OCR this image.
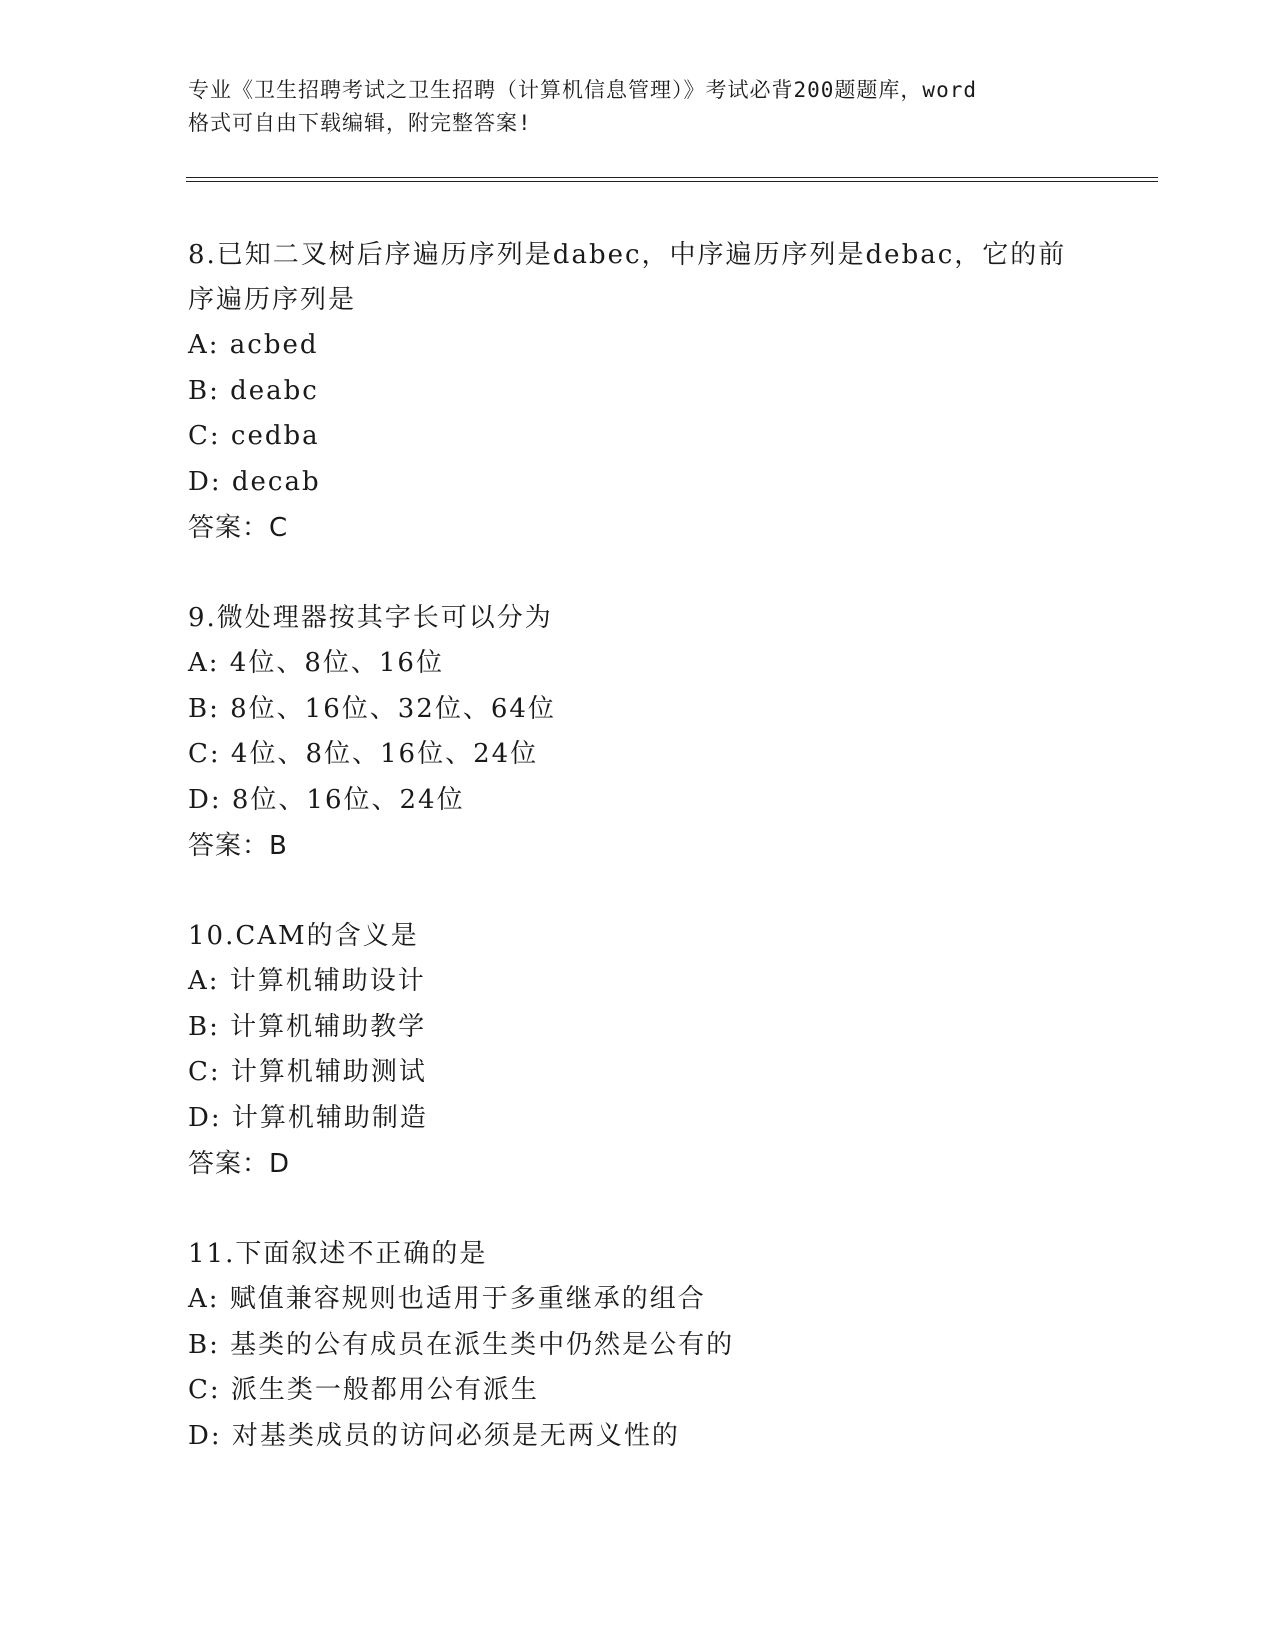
专业《卫生招聘考试之卫生招聘（计算机信息管理）》考试必背200题题库，word
格式可自由下载编辑，附完整答案!
8.已知二叉树后序遍历序列是dabec，中序遍历序列是debac，它的前
序遍历序列是
A: acbed
B: deabc
C: cedba
D: decab
答案：C
9.微处理器按其字长可以分为
A: 4位、8位、16位
B: 8位、16位、32位、64位
C: 4位、8位、16位、24位
D: 8位、16位、24位
答案：B
10.CAM的含义是
A: 计算机辅助设计
B: 计算机辅助教学
C: 计算机辅助测试
D: 计算机辅助制造
答案：D
11.下面叙述不正确的是
A: 赋值兼容规则也适用于多重继承的组合
B: 基类的公有成员在派生类中仍然是公有的
C: 派生类一般都用公有派生
D: 对基类成员的访问必须是无两义性的
